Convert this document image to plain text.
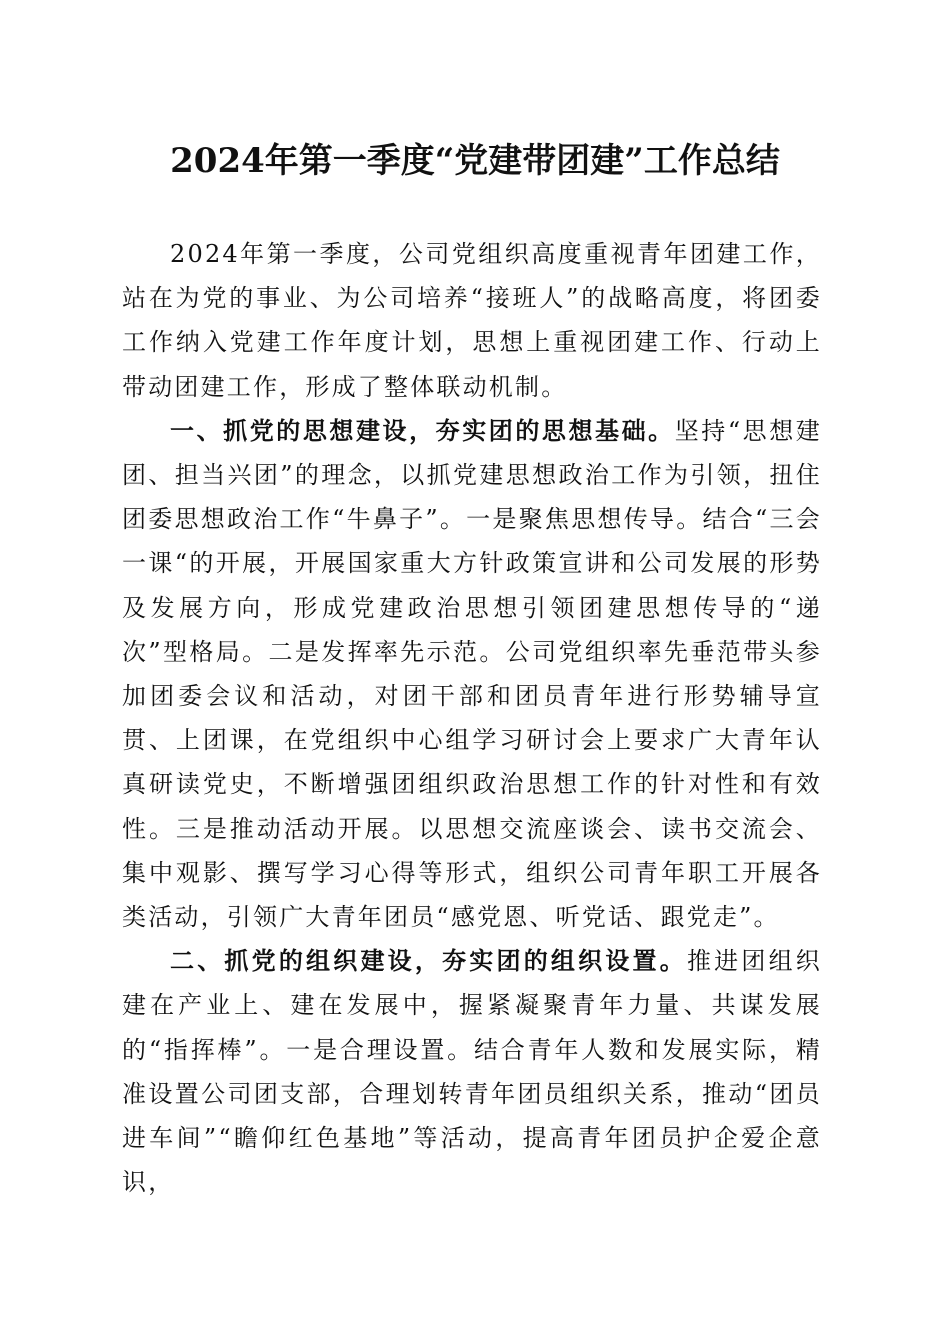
2024年第一季度“党建带团建”工作总结

2024年第一季度，公司党组织高度重视青年团建工作，站在为党的事业、为公司培养“接班人”的战略高度，将团委工作纳入党建工作年度计划，思想上重视团建工作、行动上带动团建工作，形成了整体联动机制。

一、抓党的思想建设，夯实团的思想基础。坚持“思想建团、担当兴团”的理念，以抓党建思想政治工作为引领，扭住团委思想政治工作“牛鼻子”。一是聚焦思想传导。结合“三会一课“的开展，开展国家重大方针政策宣讲和公司发展的形势及发展方向，形成党建政治思想引领团建思想传导的“递次”型格局。二是发挥率先示范。公司党组织率先垂范带头参加团委会议和活动，对团干部和团员青年进行形势辅导宣贯、上团课，在党组织中心组学习研讨会上要求广大青年认真研读党史，不断增强团组织政治思想工作的针对性和有效性。三是推动活动开展。以思想交流座谈会、读书交流会、集中观影、撰写学习心得等形式，组织公司青年职工开展各类活动，引领广大青年团员“感党恩、听党话、跟党走”。

二、抓党的组织建设，夯实团的组织设置。推进团组织建在产业上、建在发展中，握紧凝聚青年力量、共谋发展的“指挥棒”。一是合理设置。结合青年人数和发展实际，精准设置公司团支部，合理划转青年团员组织关系，推动“团员进车间”“瞻仰红色基地”等活动，提高青年团员护企爱企意识，
